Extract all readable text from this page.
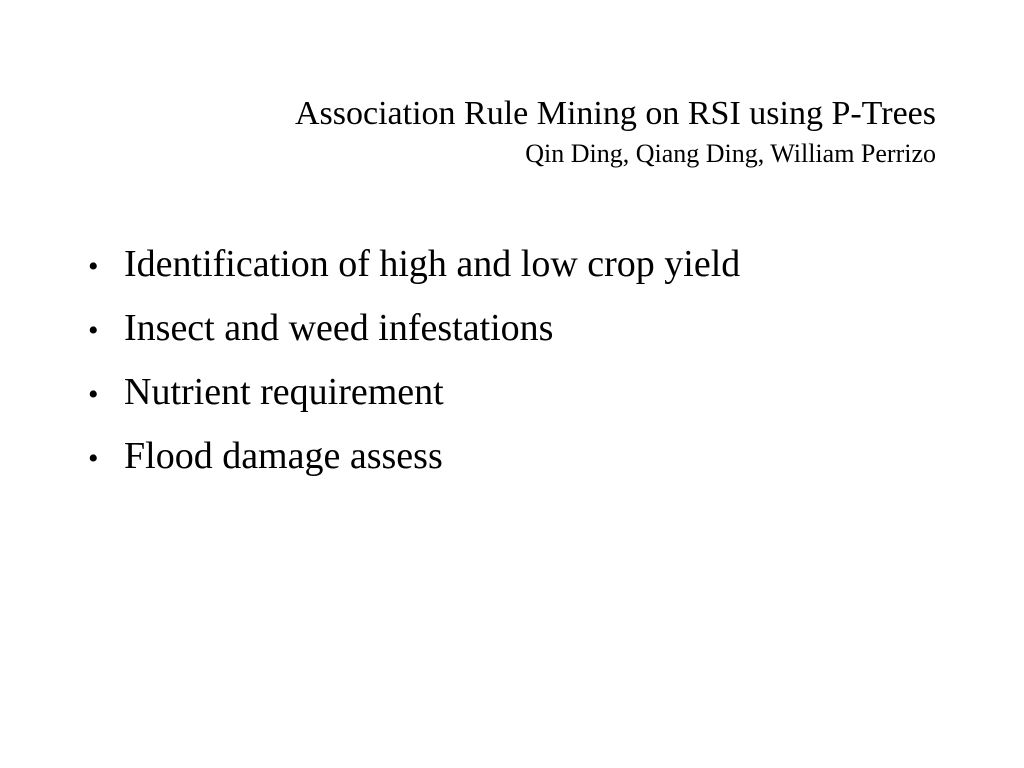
Association Rule Mining on RSI using P-Trees

Qin Ding, Qiang Ding, William Perrizo

• Identification of high and low crop yield
• Insect and weed infestations
• Nutrient requirement
• Flood damage assess
